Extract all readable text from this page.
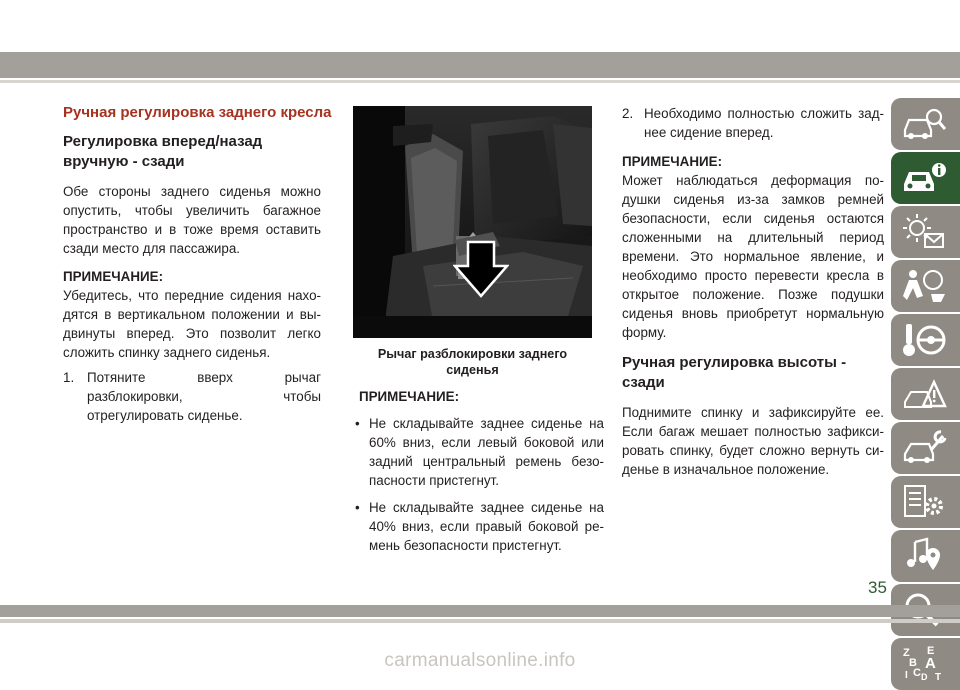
Ручная регулировка заднего кресла

Регулировка вперед/назад вручную - сзади

Обе стороны заднего сиденья можно опустить, чтобы увеличить багажное пространство и в тоже время оставить сзади место для пассажира.

ПРИМЕЧАНИЕ:

Убедитесь, что передние сидения находятся в вертикальном положении и выдвинуты вперед. Это позволит легко сложить спинку заднего сиденья.

1. Потяните вверх рычаг разблокировки, чтобы отрегулировать сиденье.
Рычаг разблокировки заднего сиденья

ПРИМЕЧАНИЕ:

• Не складывайте заднее сиденье на 60% вниз, если левый боковой или задний центральный ремень безопасности пристегнут.
• Не складывайте заднее сиденье на 40% вниз, если правый боковой ремень безопасности пристегнут.
2. Необходимо полностью сложить заднее сидение вперед.

ПРИМЕЧАНИЕ:

Может наблюдаться деформация подушки сиденья из-за замков ремней безопасности, если сиденья остаются сложенными на длительный период времени. Это нормальное явление, и необходимо просто перевести кресла в открытое положение. Позже подушки сиденья вновь приобретут нормальную форму.

Ручная регулировка высоты - сзади

Поднимите спинку и зафиксируйте ее. Если багаж мешает полностью зафиксировать спинку, будет сложно вернуть сиденье в изначальное положение.

Z E
B A
I C D T
35
carmanualsonline.info
